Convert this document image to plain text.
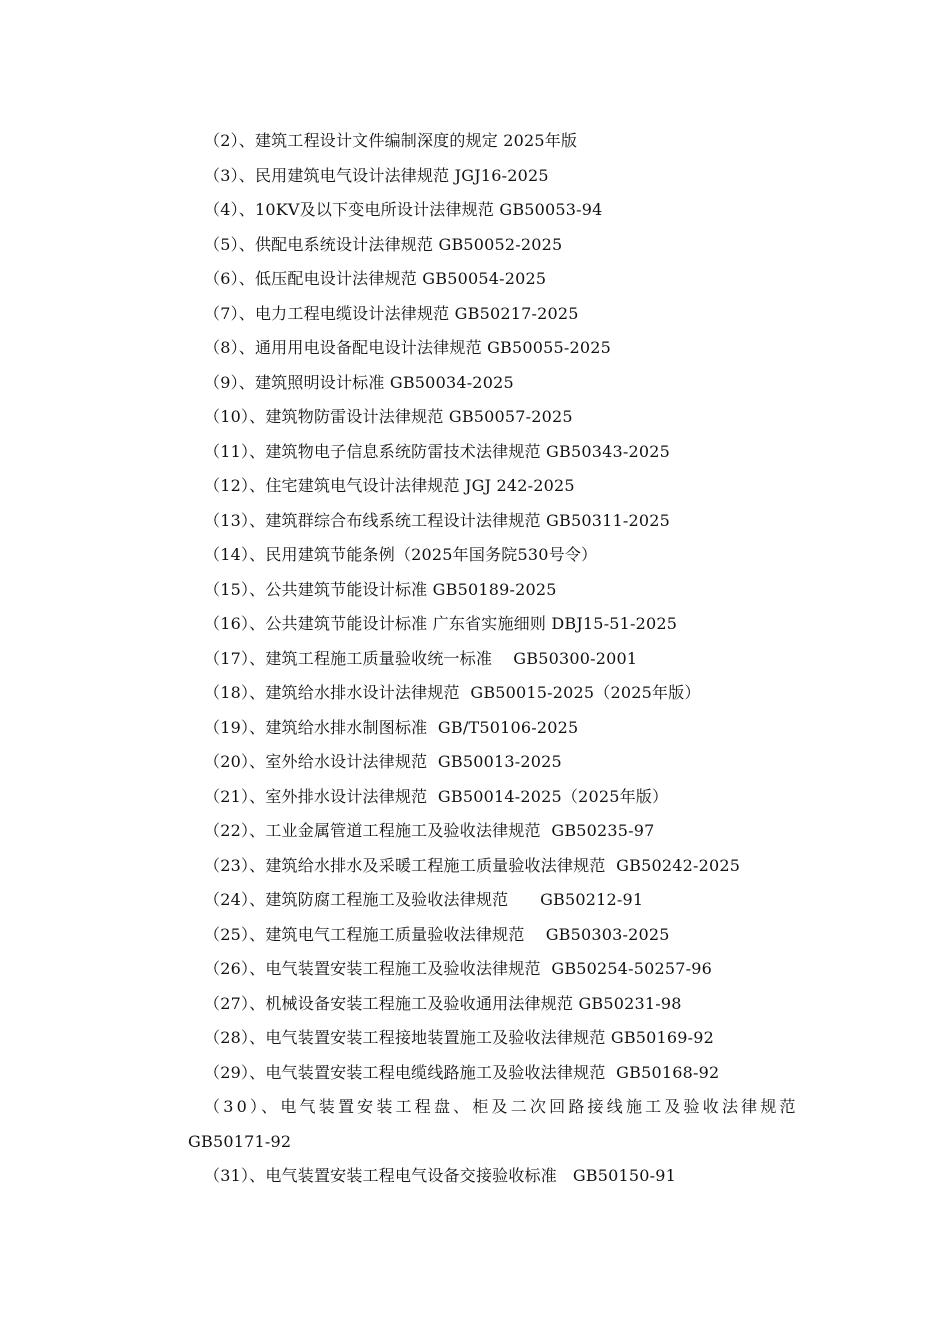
（2）、建筑工程设计文件编制深度的规定 2025年版
（3）、民用建筑电气设计法律规范 JGJ16-2025
（4）、10KV及以下变电所设计法律规范 GB50053-94
（5）、供配电系统设计法律规范 GB50052-2025
（6）、低压配电设计法律规范 GB50054-2025
（7）、电力工程电缆设计法律规范 GB50217-2025
（8）、通用用电设备配电设计法律规范 GB50055-2025
（9）、建筑照明设计标准 GB50034-2025
（10）、建筑物防雷设计法律规范 GB50057-2025
（11）、建筑物电子信息系统防雷技术法律规范 GB50343-2025
（12）、住宅建筑电气设计法律规范 JGJ 242-2025
（13）、建筑群综合布线系统工程设计法律规范 GB50311-2025
（14）、民用建筑节能条例（2025年国务院530号令）
（15）、公共建筑节能设计标准 GB50189-2025
（16）、公共建筑节能设计标准 广东省实施细则 DBJ15-51-2025
（17）、建筑工程施工质量验收统一标准    GB50300-2001
（18）、建筑给水排水设计法律规范  GB50015-2025（2025年版）
（19）、建筑给水排水制图标准  GB/T50106-2025
（20）、室外给水设计法律规范  GB50013-2025
（21）、室外排水设计法律规范  GB50014-2025（2025年版）
（22）、工业金属管道工程施工及验收法律规范  GB50235-97
（23）、建筑给水排水及采暖工程施工质量验收法律规范  GB50242-2025
（24）、建筑防腐工程施工及验收法律规范      GB50212-91
（25）、建筑电气工程施工质量验收法律规范    GB50303-2025
（26）、电气装置安装工程施工及验收法律规范  GB50254-50257-96
（27）、机械设备安装工程施工及验收通用法律规范 GB50231-98
（28）、电气装置安装工程接地装置施工及验收法律规范 GB50169-92
（29）、电气装置安装工程电缆线路施工及验收法律规范  GB50168-92
（30）、电气装置安装工程盘、柜及二次回路接线施工及验收法律规范
GB50171-92
（31）、电气装置安装工程电气设备交接验收标准   GB50150-91
